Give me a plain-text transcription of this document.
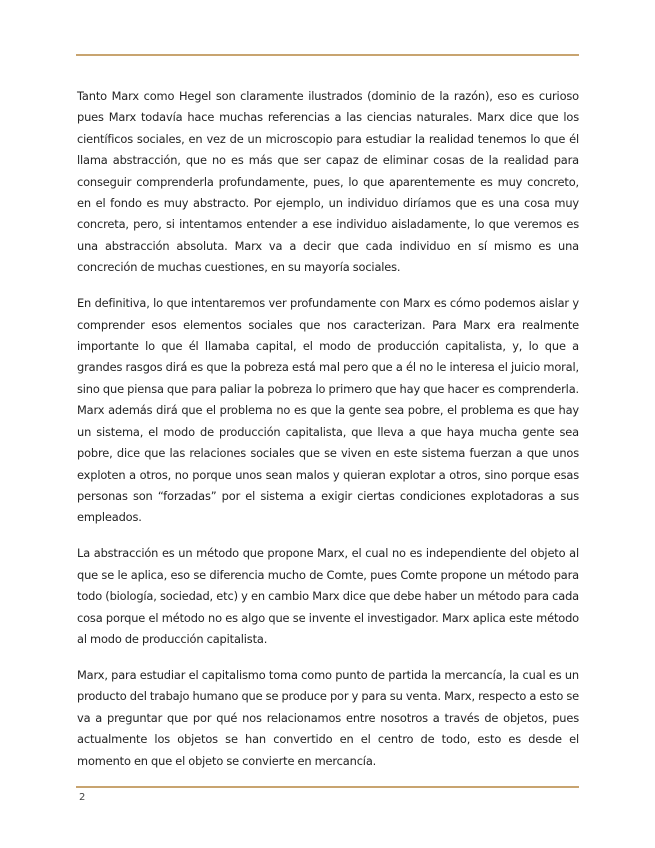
Tanto Marx como Hegel son claramente ilustrados (dominio de la razón), eso es curioso pues Marx todavía hace muchas referencias a las ciencias naturales. Marx dice que los científicos sociales, en vez de un microscopio para estudiar la realidad tenemos lo que él llama abstracción, que no es más que ser capaz de eliminar cosas de la realidad para conseguir comprenderla profundamente, pues, lo que aparentemente es muy concreto, en el fondo es muy abstracto. Por ejemplo, un individuo diríamos que es una cosa muy concreta, pero, si intentamos entender a ese individuo aisladamente, lo que veremos es una abstracción absoluta. Marx va a decir que cada individuo en sí mismo es una concreción de muchas cuestiones, en su mayoría sociales.

En definitiva, lo que intentaremos ver profundamente con Marx es cómo podemos aislar y comprender esos elementos sociales que nos caracterizan. Para Marx era realmente importante lo que él llamaba capital, el modo de producción capitalista, y, lo que a grandes rasgos dirá es que la pobreza está mal pero que a él no le interesa el juicio moral, sino que piensa que para paliar la pobreza lo primero que hay que hacer es comprenderla. Marx además dirá que el problema no es que la gente sea pobre, el problema es que hay un sistema, el modo de producción capitalista, que lleva a que haya mucha gente sea pobre, dice que las relaciones sociales que se viven en este sistema fuerzan a que unos exploten a otros, no porque unos sean malos y quieran explotar a otros, sino porque esas personas son “forzadas” por el sistema a exigir ciertas condiciones explotadoras a sus empleados.

La abstracción es un método que propone Marx, el cual no es independiente del objeto al que se le aplica, eso se diferencia mucho de Comte, pues Comte propone un método para todo (biología, sociedad, etc) y en cambio Marx dice que debe haber un método para cada cosa porque el método no es algo que se invente el investigador. Marx aplica este método al modo de producción capitalista.

Marx, para estudiar el capitalismo toma como punto de partida la mercancía, la cual es un producto del trabajo humano que se produce por y para su venta. Marx, respecto a esto se va a preguntar que por qué nos relacionamos entre nosotros a través de objetos, pues actualmente los objetos se han convertido en el centro de todo, esto es desde el momento en que el objeto se convierte en mercancía.

2
